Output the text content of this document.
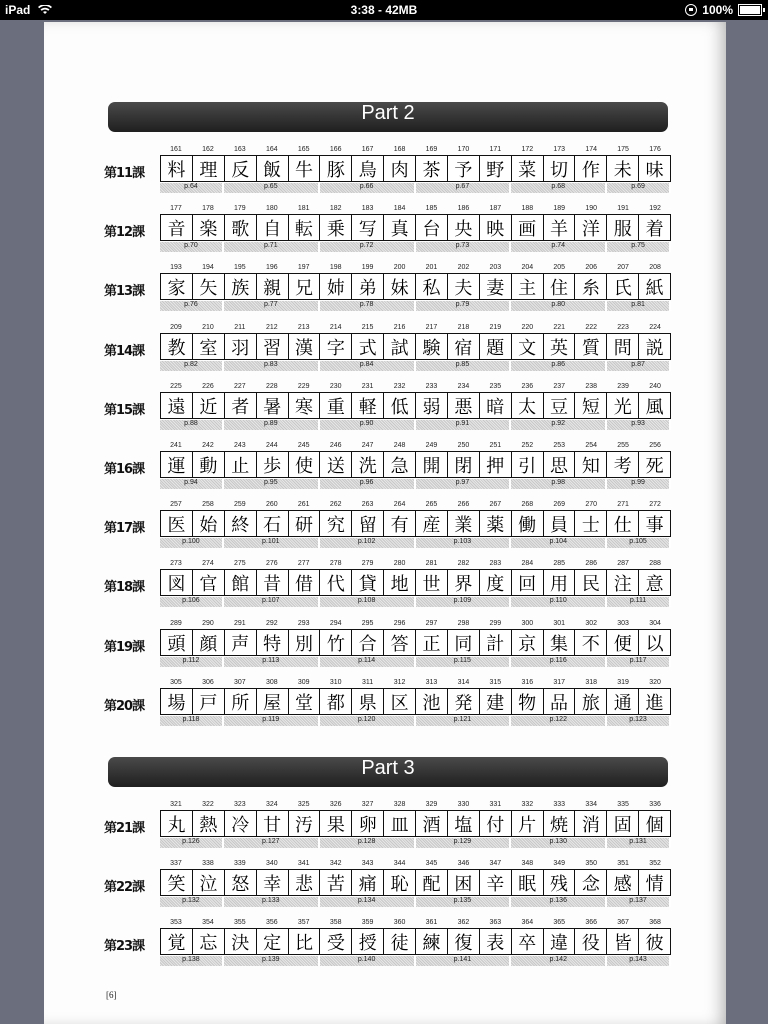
iPad	3:38 - 42MB	100%
Part 2
第11課
161	162	163	164	165	166	167	168	169	170	171	172	173	174	175	176
料 理 反 飯 牛 豚 鳥 肉 茶 予 野 菜 切 作 未 味
p.64	p.65	p.66	p.67	p.68	p.69
第12課
177	178	179	180	181	182	183	184	185	186	187	188	189	190	191	192
音 楽 歌 自 転 乗 写 真 台 央 映 画 羊 洋 服 着
p.70	p.71	p.72	p.73	p.74	p.75
第13課
193	194	195	196	197	198	199	200	201	202	203	204	205	206	207	208
家 矢 族 親 兄 姉 弟 妹 私 夫 妻 主 住 糸 氏 紙
p.76	p.77	p.78	p.79	p.80	p.81
第14課
209	210	211	212	213	214	215	216	217	218	219	220	221	222	223	224
教 室 羽 習 漢 字 式 試 験 宿 題 文 英 質 問 説
p.82	p.83	p.84	p.85	p.86	p.87
第15課
225	226	227	228	229	230	231	232	233	234	235	236	237	238	239	240
遠 近 者 暑 寒 重 軽 低 弱 悪 暗 太 豆 短 光 風
p.88	p.89	p.90	p.91	p.92	p.93
第16課
241	242	243	244	245	246	247	248	249	250	251	252	253	254	255	256
運 動 止 歩 使 送 洗 急 開 閉 押 引 思 知 考 死
p.94	p.95	p.96	p.97	p.98	p.99
第17課
257	258	259	260	261	262	263	264	265	266	267	268	269	270	271	272
医 始 終 石 研 究 留 有 産 業 薬 働 員 士 仕 事
p.100	p.101	p.102	p.103	p.104	p.105
第18課
273	274	275	276	277	278	279	280	281	282	283	284	285	286	287	288
図 官 館 昔 借 代 貸 地 世 界 度 回 用 民 注 意
p.106	p.107	p.108	p.109	p.110	p.111
第19課
289	290	291	292	293	294	295	296	297	298	299	300	301	302	303	304
頭 顔 声 特 別 竹 合 答 正 同 計 京 集 不 便 以
p.112	p.113	p.114	p.115	p.116	p.117
第20課
305	306	307	308	309	310	311	312	313	314	315	316	317	318	319	320
場 戸 所 屋 堂 都 県 区 池 発 建 物 品 旅 通 進
p.118	p.119	p.120	p.121	p.122	p.123
Part 3
第21課
321	322	323	324	325	326	327	328	329	330	331	332	333	334	335	336
丸 熱 冷 甘 汚 果 卵 皿 酒 塩 付 片 焼 消 固 個
p.126	p.127	p.128	p.129	p.130	p.131
第22課
337	338	339	340	341	342	343	344	345	346	347	348	349	350	351	352
笑 泣 怒 幸 悲 苦 痛 恥 配 困 辛 眠 残 念 感 情
p.132	p.133	p.134	p.135	p.136	p.137
第23課
353	354	355	356	357	358	359	360	361	362	363	364	365	366	367	368
覚 忘 決 定 比 受 授 徒 練 復 表 卒 違 役 皆 彼
p.138	p.139	p.140	p.141	p.142	p.143
[6]
